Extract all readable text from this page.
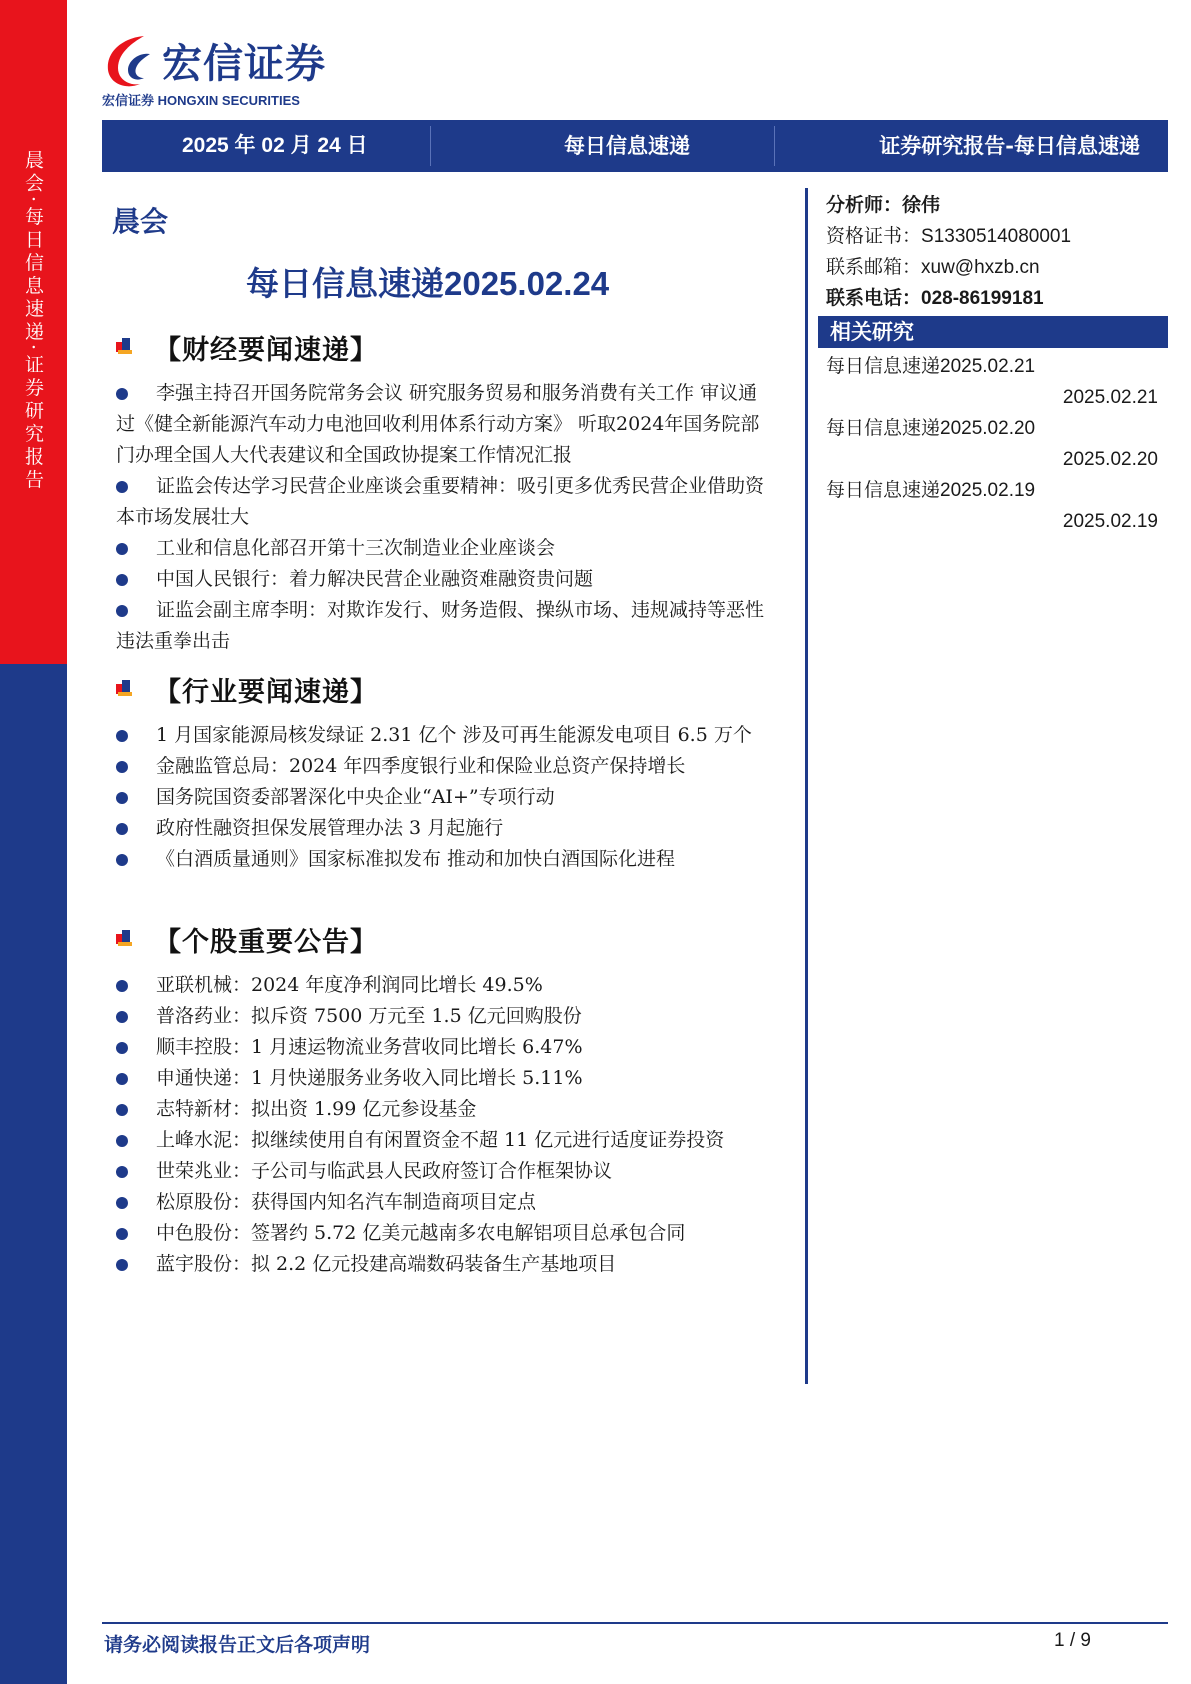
晨会·每日信息速递·证券研究报告
宏信证券
宏信证券 HONGXIN SECURITIES
2025 年 02 月 24 日	每日信息速递	证券研究报告-每日信息速递
晨会
每日信息速递2025.02.24
【财经要闻速递】
李强主持召开国务院常务会议 研究服务贸易和服务消费有关工作 审议通过《健全新能源汽车动力电池回收利用体系行动方案》 听取2024年国务院部门办理全国人大代表建议和全国政协提案工作情况汇报
证监会传达学习民营企业座谈会重要精神：吸引更多优秀民营企业借助资本市场发展壮大
工业和信息化部召开第十三次制造业企业座谈会
中国人民银行：着力解决民营企业融资难融资贵问题
证监会副主席李明：对欺诈发行、财务造假、操纵市场、违规减持等恶性违法重拳出击
【行业要闻速递】
1 月国家能源局核发绿证 2.31 亿个 涉及可再生能源发电项目 6.5 万个
金融监管总局：2024 年四季度银行业和保险业总资产保持增长
国务院国资委部署深化中央企业“AI+”专项行动
政府性融资担保发展管理办法 3 月起施行
《白酒质量通则》国家标准拟发布 推动和加快白酒国际化进程
【个股重要公告】
亚联机械：2024 年度净利润同比增长 49.5%
普洛药业：拟斥资 7500 万元至 1.5 亿元回购股份
顺丰控股：1 月速运物流业务营收同比增长 6.47%
申通快递：1 月快递服务业务收入同比增长 5.11%
志特新材：拟出资 1.99 亿元参设基金
上峰水泥：拟继续使用自有闲置资金不超 11 亿元进行适度证券投资
世荣兆业：子公司与临武县人民政府签订合作框架协议
松原股份：获得国内知名汽车制造商项目定点
中色股份：签署约 5.72 亿美元越南多农电解铝项目总承包合同
蓝宇股份：拟 2.2 亿元投建高端数码装备生产基地项目
分析师：徐伟
资格证书：S1330514080001
联系邮箱：xuw@hxzb.cn
联系电话：028-86199181
相关研究
每日信息速递2025.02.21
2025.02.21
每日信息速递2025.02.20
2025.02.20
每日信息速递2025.02.19
2025.02.19
请务必阅读报告正文后各项声明	1 / 9
